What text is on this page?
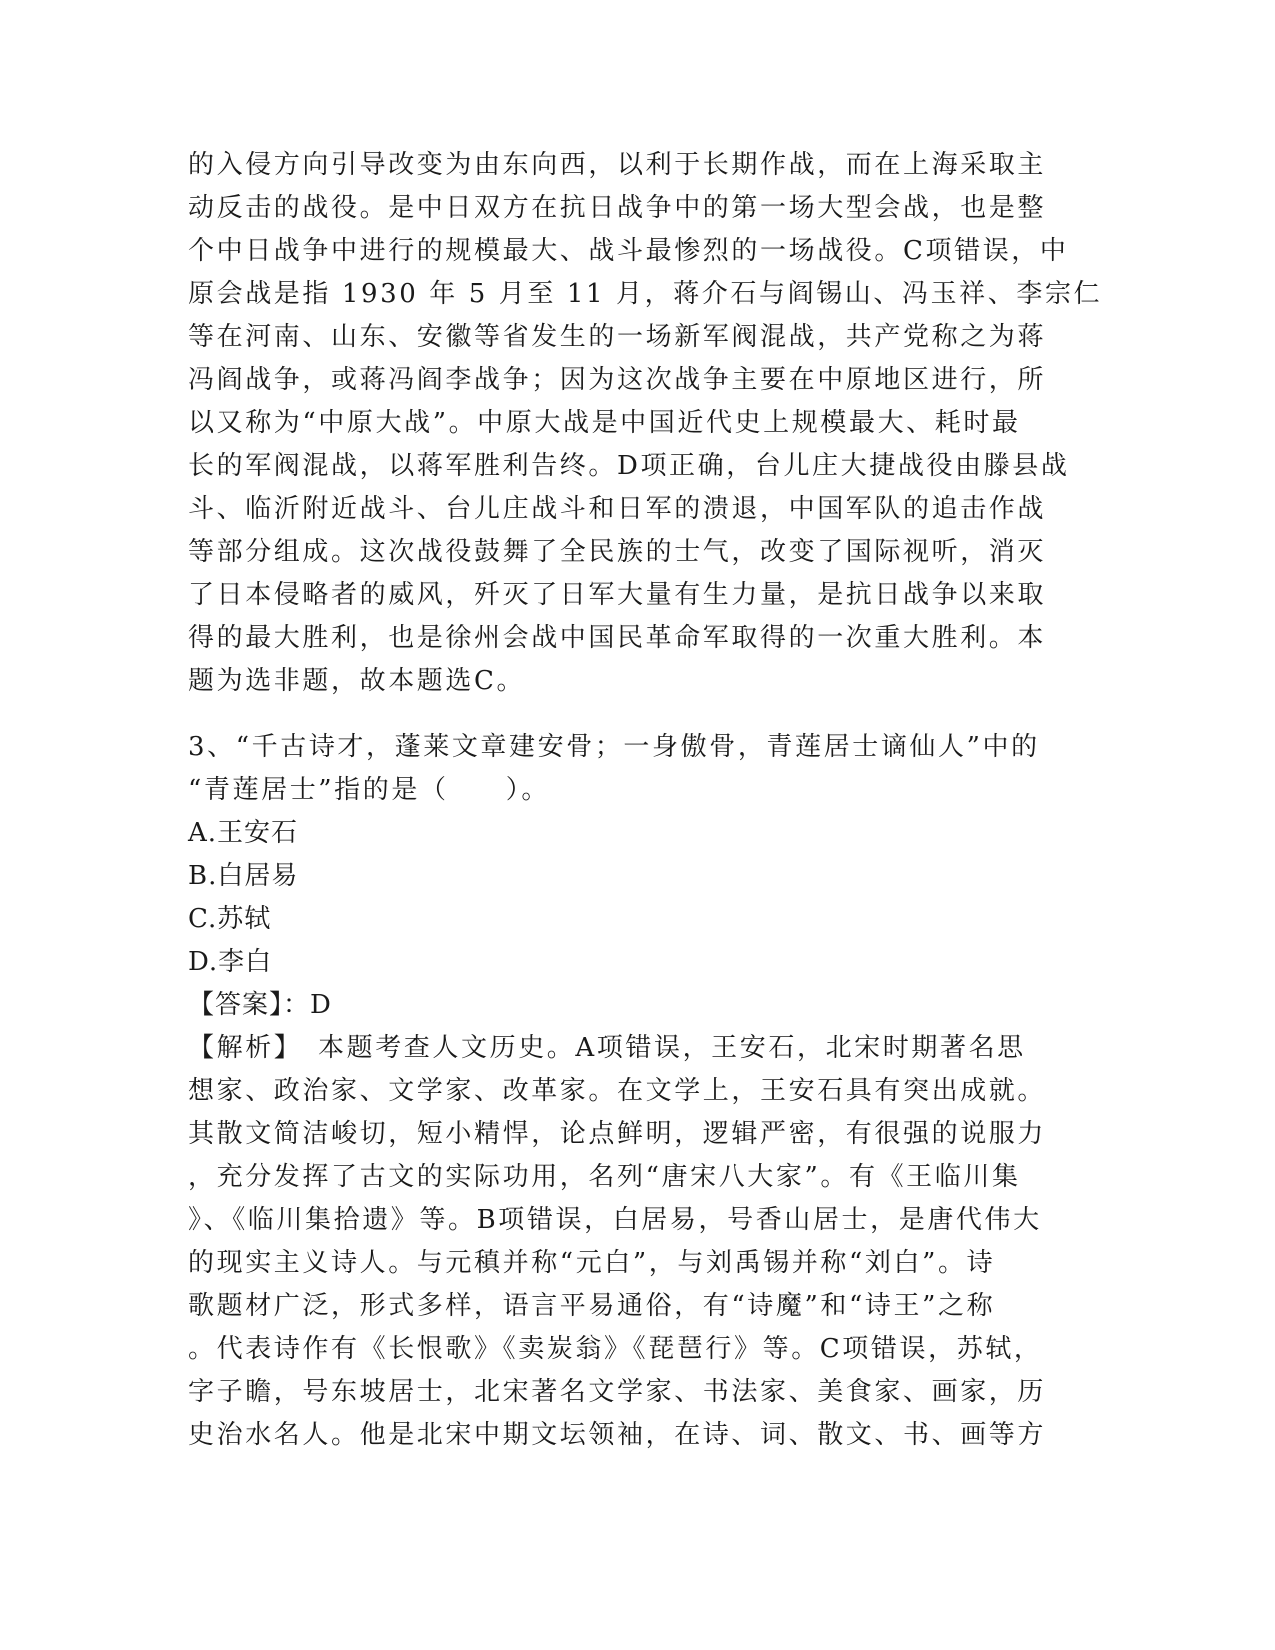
的入侵方向引导改变为由东向西，以利于长期作战，而在上海采取主
动反击的战役。是中日双方在抗日战争中的第一场大型会战，也是整
个中日战争中进行的规模最大、战斗最惨烈的一场战役。C项错误，中
原会战是指 1930 年 5 月至 11 月，蒋介石与阎锡山、冯玉祥、李宗仁
等在河南、山东、安徽等省发生的一场新军阀混战，共产党称之为蒋
冯阎战争，或蒋冯阎李战争；因为这次战争主要在中原地区进行，所
以又称为“中原大战”。中原大战是中国近代史上规模最大、耗时最
长的军阀混战，以蒋军胜利告终。D项正确，台儿庄大捷战役由滕县战
斗、临沂附近战斗、台儿庄战斗和日军的溃退，中国军队的追击作战
等部分组成。这次战役鼓舞了全民族的士气，改变了国际视听，消灭
了日本侵略者的威风，歼灭了日军大量有生力量，是抗日战争以来取
得的最大胜利，也是徐州会战中国民革命军取得的一次重大胜利。本
题为选非题，故本题选C。
3、“千古诗才，蓬莱文章建安骨；一身傲骨，青莲居士谪仙人”中的
“青莲居士”指的是（　　）。
A.王安石
B.白居易
C.苏轼
D.李白
【答案】：D
【解析】　本题考查人文历史。A项错误，王安石，北宋时期著名思
想家、政治家、文学家、改革家。在文学上，王安石具有突出成就。
其散文简洁峻切，短小精悍，论点鲜明，逻辑严密，有很强的说服力
，充分发挥了古文的实际功用，名列“唐宋八大家”。有《王临川集
》、《临川集拾遗》等。B项错误，白居易，号香山居士，是唐代伟大
的现实主义诗人。与元稹并称“元白”，与刘禹锡并称“刘白”。诗
歌题材广泛，形式多样，语言平易通俗，有“诗魔”和“诗王”之称
。代表诗作有《长恨歌》《卖炭翁》《琵琶行》等。C项错误，苏轼，
字子瞻，号东坡居士，北宋著名文学家、书法家、美食家、画家，历
史治水名人。他是北宋中期文坛领袖，在诗、词、散文、书、画等方
